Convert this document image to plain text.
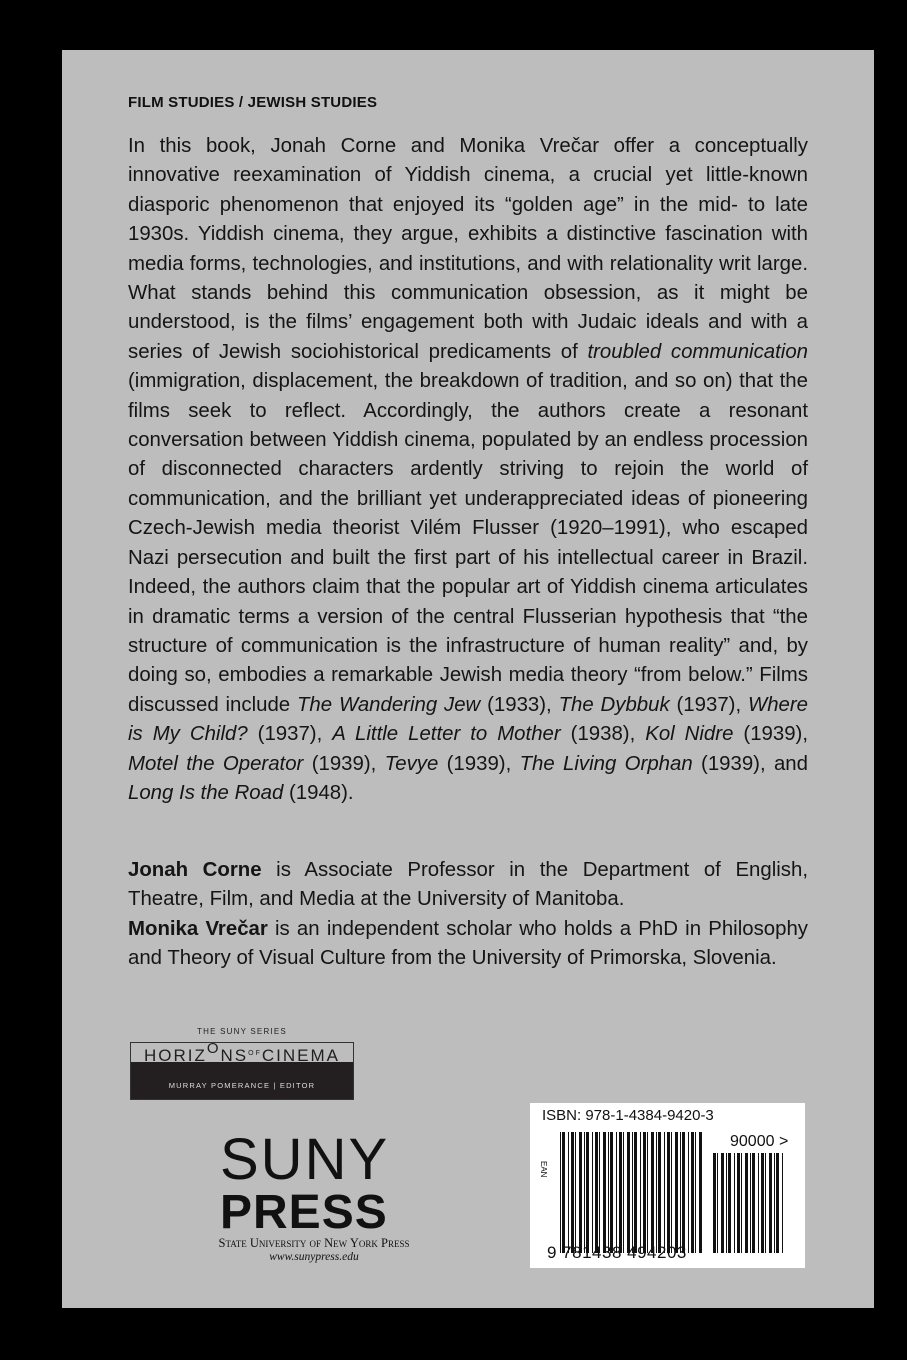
FILM STUDIES / JEWISH STUDIES

In this book, Jonah Corne and Monika Vrečar offer a conceptually innovative reexamination of Yiddish cinema, a crucial yet little-known diasporic phenomenon that enjoyed its “golden age” in the mid- to late 1930s. Yiddish cinema, they argue, exhibits a distinctive fascination with media forms, technologies, and institutions, and with relationality writ large. What stands behind this communication obsession, as it might be understood, is the films’ engagement both with Judaic ideals and with a series of Jewish sociohistorical predicaments of troubled communication (immigration, displacement, the breakdown of tradition, and so on) that the films seek to reflect. Accordingly, the authors create a resonant conversation between Yiddish cinema, populated by an endless procession of disconnected characters ardently striving to rejoin the world of communication, and the brilliant yet underappreciated ideas of pioneering Czech-Jewish media theorist Vilém Flusser (1920–1991), who escaped Nazi persecution and built the first part of his intellectual career in Brazil. Indeed, the authors claim that the popular art of Yiddish cinema articulates in dramatic terms a version of the central Flusserian hypothesis that “the structure of communication is the infrastructure of human reality” and, by doing so, embodies a remarkable Jewish media theory “from below.” Films discussed include The Wandering Jew (1933), The Dybbuk (1937), Where is My Child? (1937), A Little Letter to Mother (1938), Kol Nidre (1939), Motel the Operator (1939), Tevye (1939), The Living Orphan (1939), and Long Is the Road (1948).

Jonah Corne is Associate Professor in the Department of English, Theatre, Film, and Media at the University of Manitoba.

Monika Vrečar is an independent scholar who holds a PhD in Philosophy and Theory of Visual Culture from the University of Primorska, Slovenia.

THE SUNY SERIES
$HORIZONS^{OF}CINEMA$
MURRAY POMERANCE | EDITOR
SUNY
PRESS
State University of New York Press
www.sunypress.edu
ISBN: 978-1-4384-9420-3
EAN
90000 >
9 781438 494203
